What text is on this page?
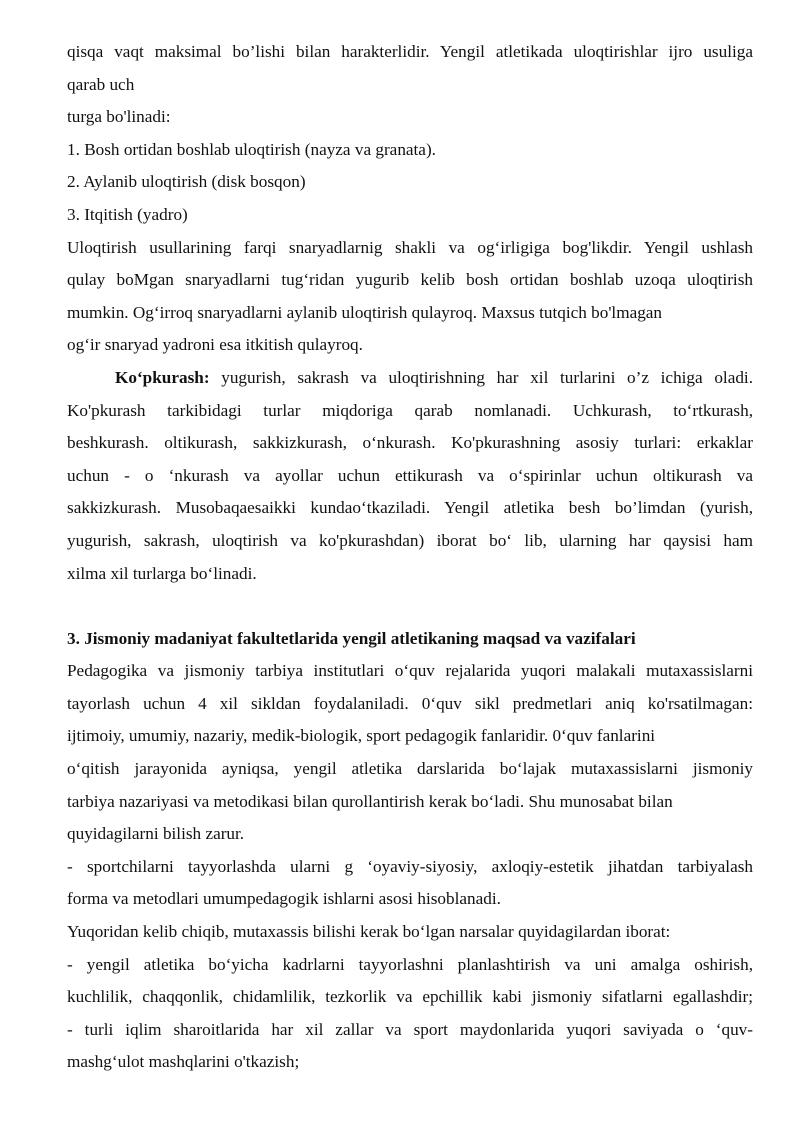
qisqa vaqt maksimal bo’lishi bilan harakterlidir. Yengil atletikada uloqtirishlar ijro usuliga
qarab uch
turga bo'linadi:
1. Bosh ortidan boshlab uloqtirish (nayza va granata).
2. Aylanib uloqtirish (disk bosqon)
3. Itqitish (yadro)
Uloqtirish usullarining farqi snaryadlarnig shakli va og‘irligiga bog'likdir. Yengil ushlash
qulay boMgan snaryadlarni tug‘ridan yugurib kelib bosh ortidan boshlab uzoqa uloqtirish
mumkin. Og‘irroq snaryadlarni aylanib uloqtirish qulayroq. Maxsus tutqich bo'lmagan
og‘ir snaryad yadroni esa itkitish qulayroq.
Ko‘pkurash: yugurish, sakrash va uloqtirishning har xil turlarini o’z ichiga oladi.
Ko'pkurash tarkibidagi turlar miqdoriga qarab nomlanadi. Uchkurash, to‘rtkurash,
beshkurash. oltikurash, sakkizkurash, o‘nkurash. Ko'pkurashning asosiy turlari: erkaklar
uchun - o ‘nkurash va ayollar uchun ettikurash va o‘spirinlar uchun oltikurash va
sakkizkurash. Musobaqaesaikki kundao‘tkaziladi. Yengil atletika besh bo’limdan (yurish,
yugurish, sakrash, uloqtirish va ko'pkurashdan) iborat bo‘ lib, ularning har qaysisi ham
xilma xil turlarga bo‘linadi.
3. Jismoniy madaniyat fakultetlarida yengil atletikaning maqsad va vazifalari
Pedagogika va jismoniy tarbiya institutlari o‘quv rejalarida yuqori malakali mutaxassislarni
tayorlash uchun 4 xil sikldan foydalaniladi. 0‘quv sikl predmetlari aniq ko'rsatilmagan:
ijtimoiy, umumiy, nazariy, medik-biologik, sport pedagogik fanlaridir. 0‘quv fanlarini
o‘qitish jarayonida ayniqsa, yengil atletika darslarida bo‘lajak mutaxassislarni jismoniy
tarbiya nazariyasi va metodikasi bilan qurollantirish kerak bo‘ladi. Shu munosabat bilan
quyidagilarni bilish zarur.
- sportchilarni tayyorlashda ularni g ‘oyaviy-siyosiy, axloqiy-estetik jihatdan tarbiyalash
forma va metodlari umumpedagogik ishlarni asosi hisoblanadi.
Yuqoridan kelib chiqib, mutaxassis bilishi kerak bo‘lgan narsalar quyidagilardan iborat:
- yengil atletika bo‘yicha kadrlarni tayyorlashni planlashtirish va uni amalga oshirish,
kuchlilik, chaqqonlik, chidamlilik, tezkorlik va epchillik kabi jismoniy sifatlarni egallashdir;
- turli iqlim sharoitlarida har xil zallar va sport maydonlarida yuqori saviyada o ‘quv-
mashg‘ulot mashqlarini o'tkazish;
